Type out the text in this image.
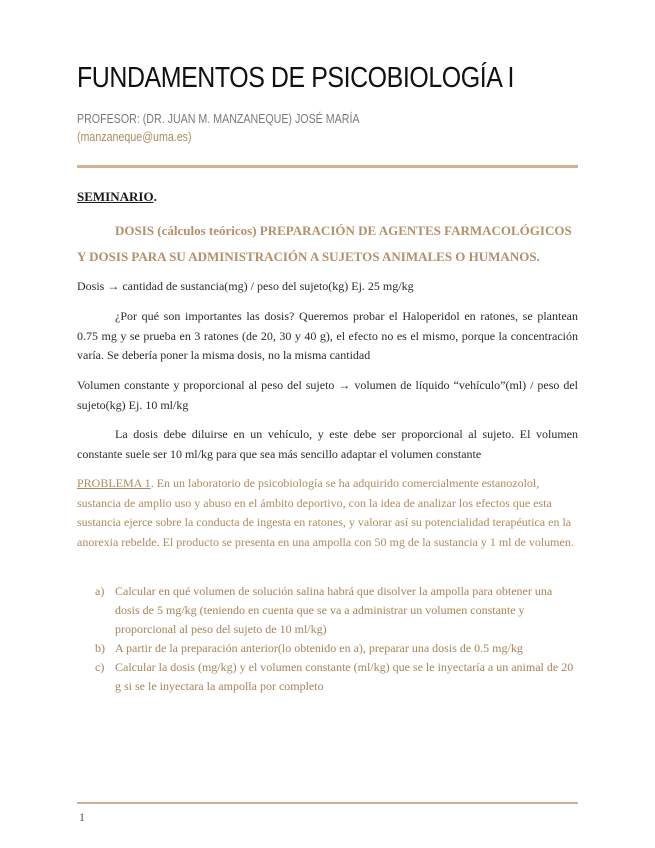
FUNDAMENTOS DE PSICOBIOLOGÍA I
PROFESOR: (DR. JUAN M. MANZANEQUE) JOSÉ MARÍA
(manzaneque@uma.es)
SEMINARIO.
DOSIS (cálculos teóricos) PREPARACIÓN DE AGENTES FARMACOLÓGICOS
Y DOSIS PARA SU ADMINISTRACIÓN A SUJETOS ANIMALES O HUMANOS.
Dosis → cantidad de sustancia(mg) / peso del sujeto(kg) Ej. 25 mg/kg
¿Por qué son importantes las dosis? Queremos probar el Haloperidol en ratones, se plantean 0.75 mg y se prueba en 3 ratones (de 20, 30 y 40 g), el efecto no es el mismo, porque la concentración varía. Se debería poner la misma dosis, no la misma cantidad
Volumen constante y proporcional al peso del sujeto → volumen de líquido “vehículo”(ml) / peso del sujeto(kg) Ej. 10 ml/kg
La dosis debe diluirse en un vehículo, y este debe ser proporcional al sujeto. El volumen constante suele ser 10 ml/kg para que sea más sencillo adaptar el volumen constante
PROBLEMA 1. En un laboratorio de psicobiología se ha adquirido comercialmente estanozolol, sustancia de amplio uso y abuso en el ámbito deportivo, con la idea de analizar los efectos que esta sustancia ejerce sobre la conducta de ingesta en ratones, y valorar así su potencialidad terapéutica en la anorexia rebelde. El producto se presenta en una ampolla con 50 mg de la sustancia y 1 ml de volumen.
a) Calcular en qué volumen de solución salina habrá que disolver la ampolla para obtener una dosis de 5 mg/kg (teniendo en cuenta que se va a administrar un volumen constante y proporcional al peso del sujeto de 10 ml/kg)
b) A partir de la preparación anterior(lo obtenido en a), preparar una dosis de 0.5 mg/kg
c) Calcular la dosis (mg/kg) y el volumen constante (ml/kg) que se le inyectaría a un animal de 20 g si se le inyectara la ampolla por completo
1
